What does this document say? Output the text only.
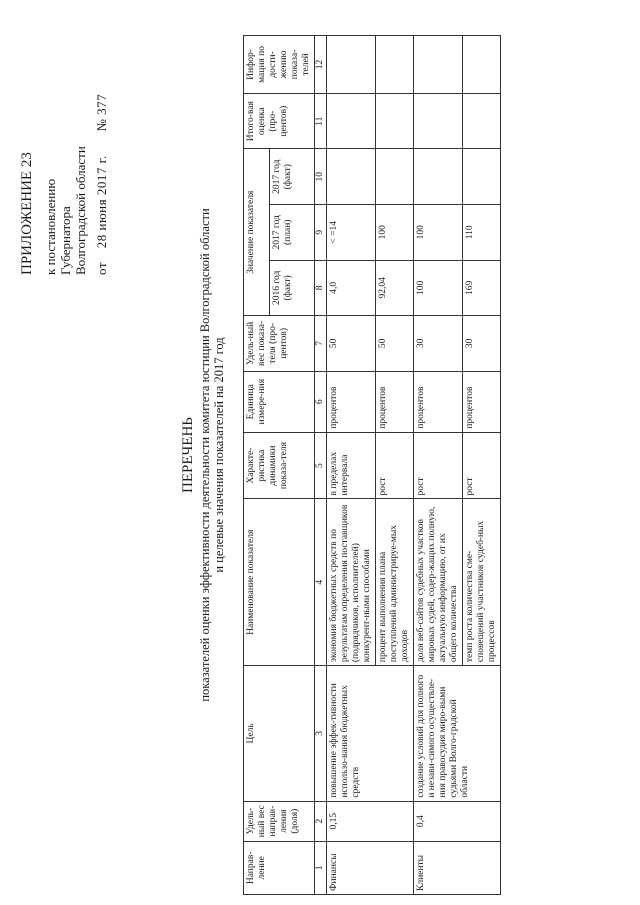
ПРИЛОЖЕНИЕ 23 к постановлению Губернатора Волгоградской области от 28 июня 2017 г. № 377
ПЕРЕЧЕНЬ показателей оценки эффективности деятельности комитета юстиции Волгоградской области и целевые значения показателей на 2017 год
Направ-ление	Удель-ный вес направ-ления (доля)	Цель	Наименование показателя	Характе-ристика динамики показа-теля	Единица измере-ния	Удель-ный вес показа-теля (про-центов)	Значение показателя			Итого-вая оценка (про-центов)	Инфор-мация по дости-жению показа-телей
							2016 год (факт)	2017 год (план)	2017 год (факт)		
1	2	3	4	5	6	7	8	9	10	11	12
Финансы	0,15	повышение эффек-тивности использо-вания бюджетных средств	экономия бюджетных средств по результатам определения поставщиков (подрядчиков, исполнителей) конкурент-ными способами	в пределах интервала	процентов	50	4,0	< =14			
			процент выполнения плана поступлений администрируе-мых доходов	рост	процентов	50	92,04	100			
Клиенты	0,4	создание условий для полного и незави-симого осуществле-ния правосудия миро-выми судьями Волго-градской области	доля веб-сайтов судебных участков мировых судей, содер-жащих полную, актуальную информацию, от их общего количества	рост	процентов	30	100	100			
			темп роста количества сме-сповещений участников судеб-ных процессов	рост	процентов	30	169	110			
